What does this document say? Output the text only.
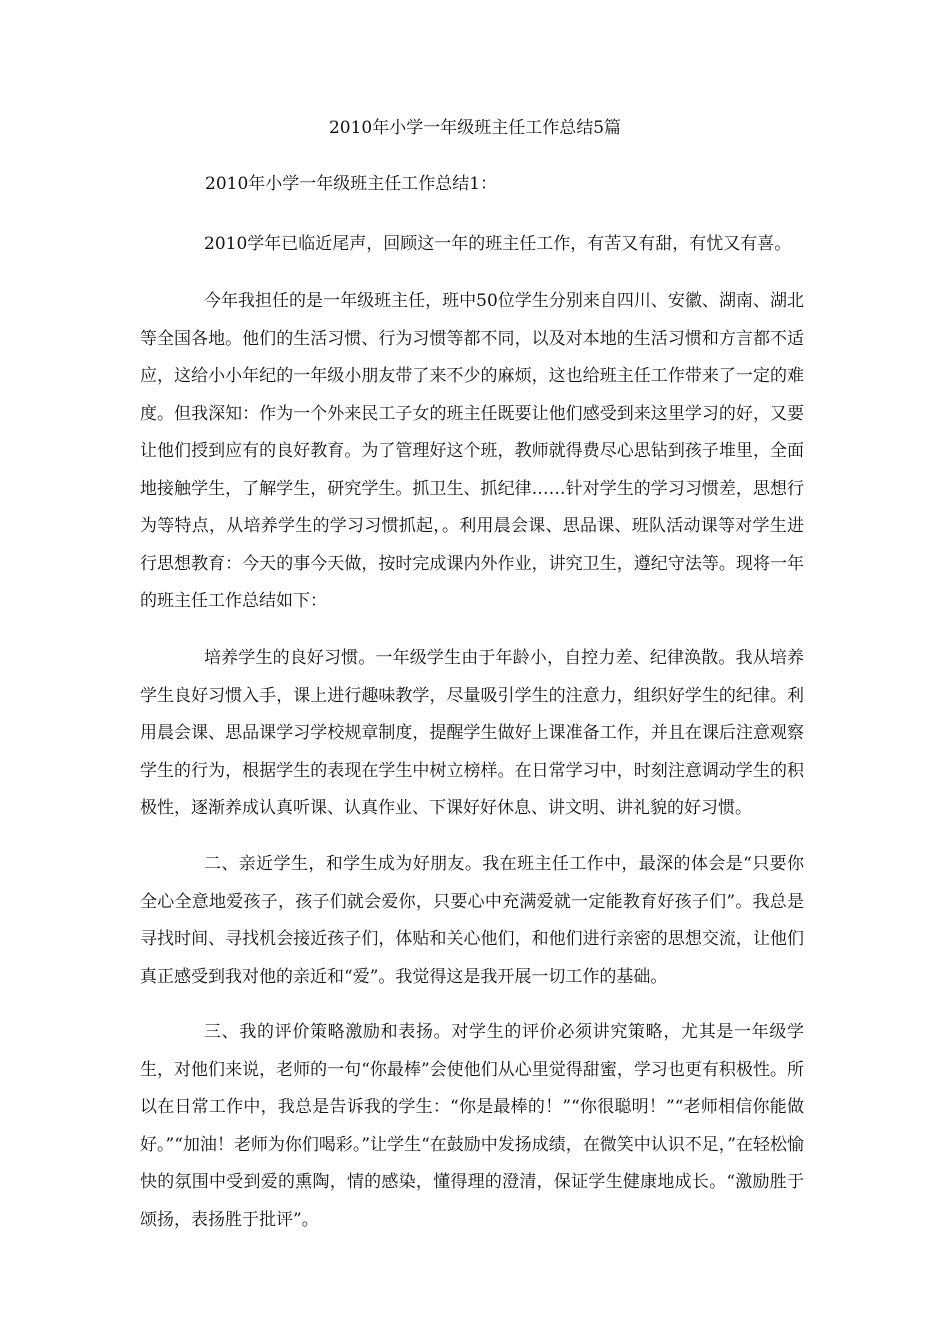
2010年小学一年级班主任工作总结5篇

2010年小学一年级班主任工作总结1：

2010学年已临近尾声，回顾这一年的班主任工作，有苦又有甜，有忧又有喜。

今年我担任的是一年级班主任，班中50位学生分别来自四川、安徽、湖南、湖北等全国各地。他们的生活习惯、行为习惯等都不同，以及对本地的生活习惯和方言都不适应，这给小小年纪的一年级小朋友带了来不少的麻烦，这也给班主任工作带来了一定的难度。但我深知：作为一个外来民工子女的班主任既要让他们感受到来这里学习的好，又要让他们授到应有的良好教育。为了管理好这个班，教师就得费尽心思钻到孩子堆里，全面地接触学生，了解学生，研究学生。抓卫生、抓纪律……针对学生的学习习惯差，思想行为等特点，从培养学生的学习习惯抓起，。利用晨会课、思品课、班队活动课等对学生进行思想教育：今天的事今天做，按时完成课内外作业，讲究卫生，遵纪守法等。现将一年的班主任工作总结如下：

培养学生的良好习惯。一年级学生由于年龄小，自控力差、纪律涣散。我从培养学生良好习惯入手，课上进行趣味教学，尽量吸引学生的注意力，组织好学生的纪律。利用晨会课、思品课学习学校规章制度，提醒学生做好上课准备工作，并且在课后注意观察学生的行为，根据学生的表现在学生中树立榜样。在日常学习中，时刻注意调动学生的积极性，逐渐养成认真听课、认真作业、下课好好休息、讲文明、讲礼貌的好习惯。

二、亲近学生，和学生成为好朋友。我在班主任工作中，最深的体会是“只要你全心全意地爱孩子，孩子们就会爱你，只要心中充满爱就一定能教育好孩子们”。我总是寻找时间、寻找机会接近孩子们，体贴和关心他们，和他们进行亲密的思想交流，让他们真正感受到我对他的亲近和“爱”。我觉得这是我开展一切工作的基础。

三、我的评价策略激励和表扬。对学生的评价必须讲究策略，尤其是一年级学生，对他们来说，老师的一句“你最棒”会使他们从心里觉得甜蜜，学习也更有积极性。所以在日常工作中，我总是告诉我的学生：“你是最棒的！”“你很聪明！”“老师相信你能做好。”“加油！老师为你们喝彩。”让学生“在鼓励中发扬成绩，在微笑中认识不足，”在轻松愉快的氛围中受到爱的熏陶，情的感染，懂得理的澄清，保证学生健康地成长。“激励胜于颂扬，表扬胜于批评”。
